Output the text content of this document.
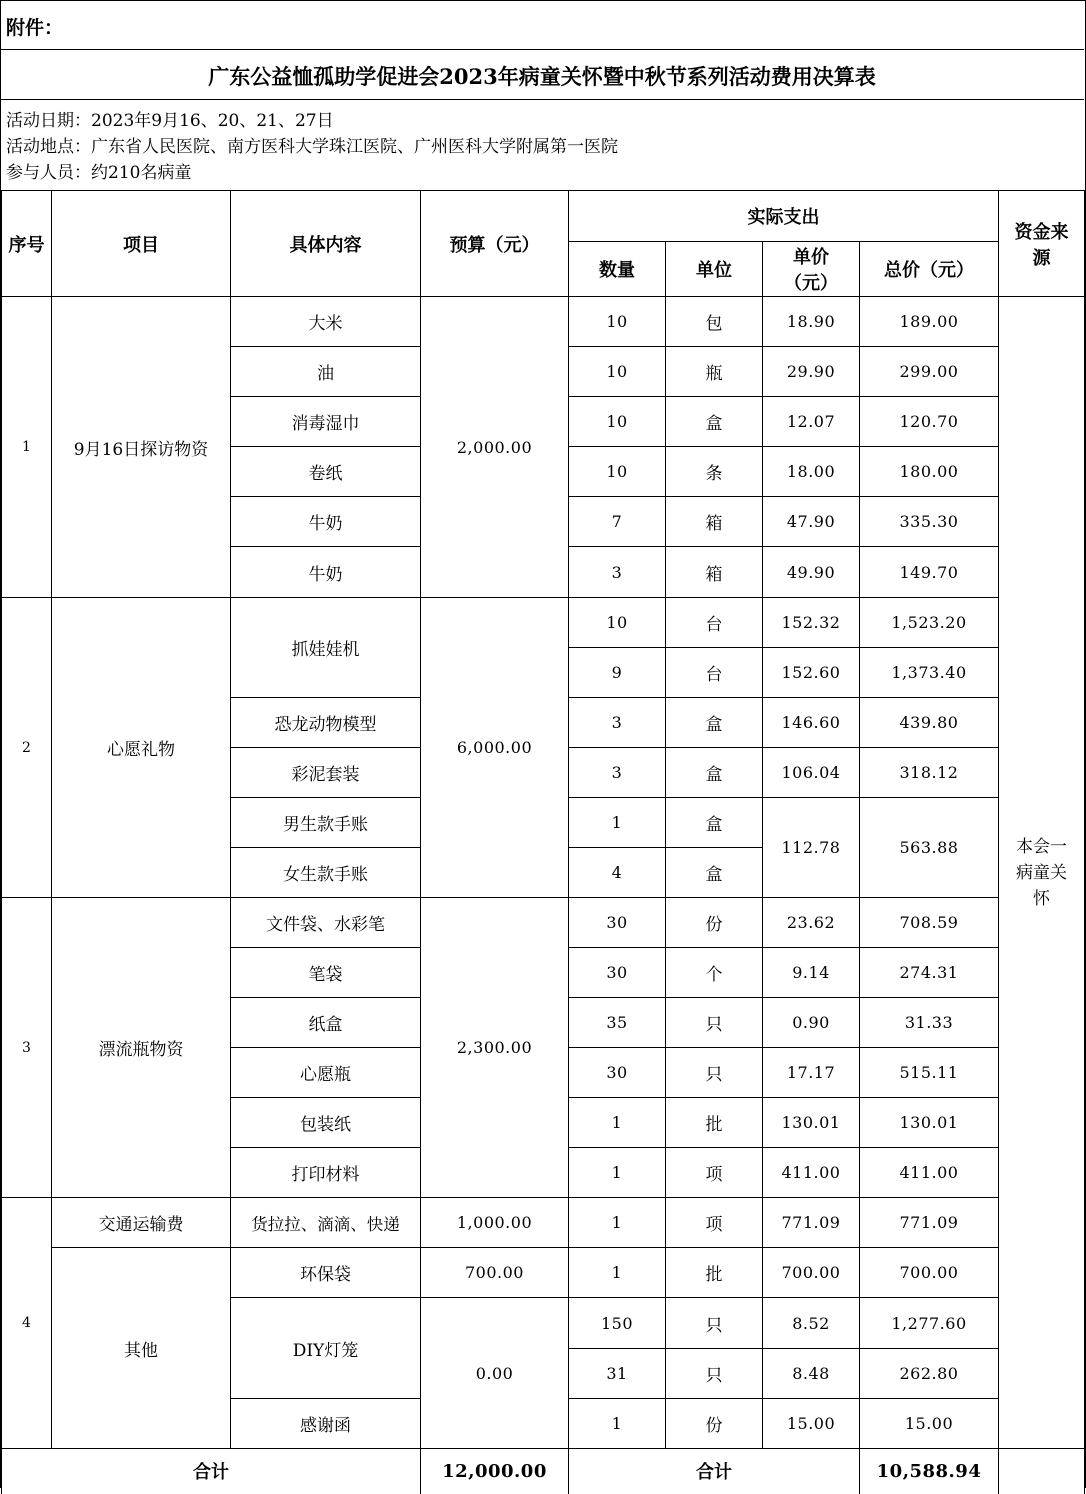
附件：
广东公益恤孤助学促进会2023年病童关怀暨中秋节系列活动费用决算表
活动日期：2023年9月16、20、21、27日
活动地点：广东省人民医院、南方医科大学珠江医院、广州医科大学附属第一医院
参与人员：约210名病童
序号	项目	具体内容	预算（元）	实际支出				资金来源
				数量	单位	单价（元）	总价（元）	
1	9月16日探访物资	大米	2,000.00	10	包	18.90	189.00	本会一病童关怀
		油		10	瓶	29.90	299.00	
		消毒湿巾		10	盒	12.07	120.70	
		卷纸		10	条	18.00	180.00	
		牛奶		7	箱	47.90	335.30	
		牛奶		3	箱	49.90	149.70	
2	心愿礼物	抓娃娃机	6,000.00	10	台	152.32	1,523.20	
				9	台	152.60	1,373.40	
		恐龙动物模型		3	盒	146.60	439.80	
		彩泥套装		3	盒	106.04	318.12	
		男生款手账		1	盒	112.78	563.88	
		女生款手账		4	盒			
3	漂流瓶物资	文件袋、水彩笔	2,300.00	30	份	23.62	708.59	
		笔袋		30	个	9.14	274.31	
		纸盒		35	只	0.90	31.33	
		心愿瓶		30	只	17.17	515.11	
		包装纸		1	批	130.01	130.01	
		打印材料		1	项	411.00	411.00	
4	交通运输费	货拉拉、滴滴、快递	1,000.00	1	项	771.09	771.09	
	其他	环保袋	700.00	1	批	700.00	700.00	
		DIY灯笼	0.00	150	只	8.52	1,277.60	
				31	只	8.48	262.80	
		感谢函		1	份	15.00	15.00	
合计			12,000.00	合计			10,588.94	
